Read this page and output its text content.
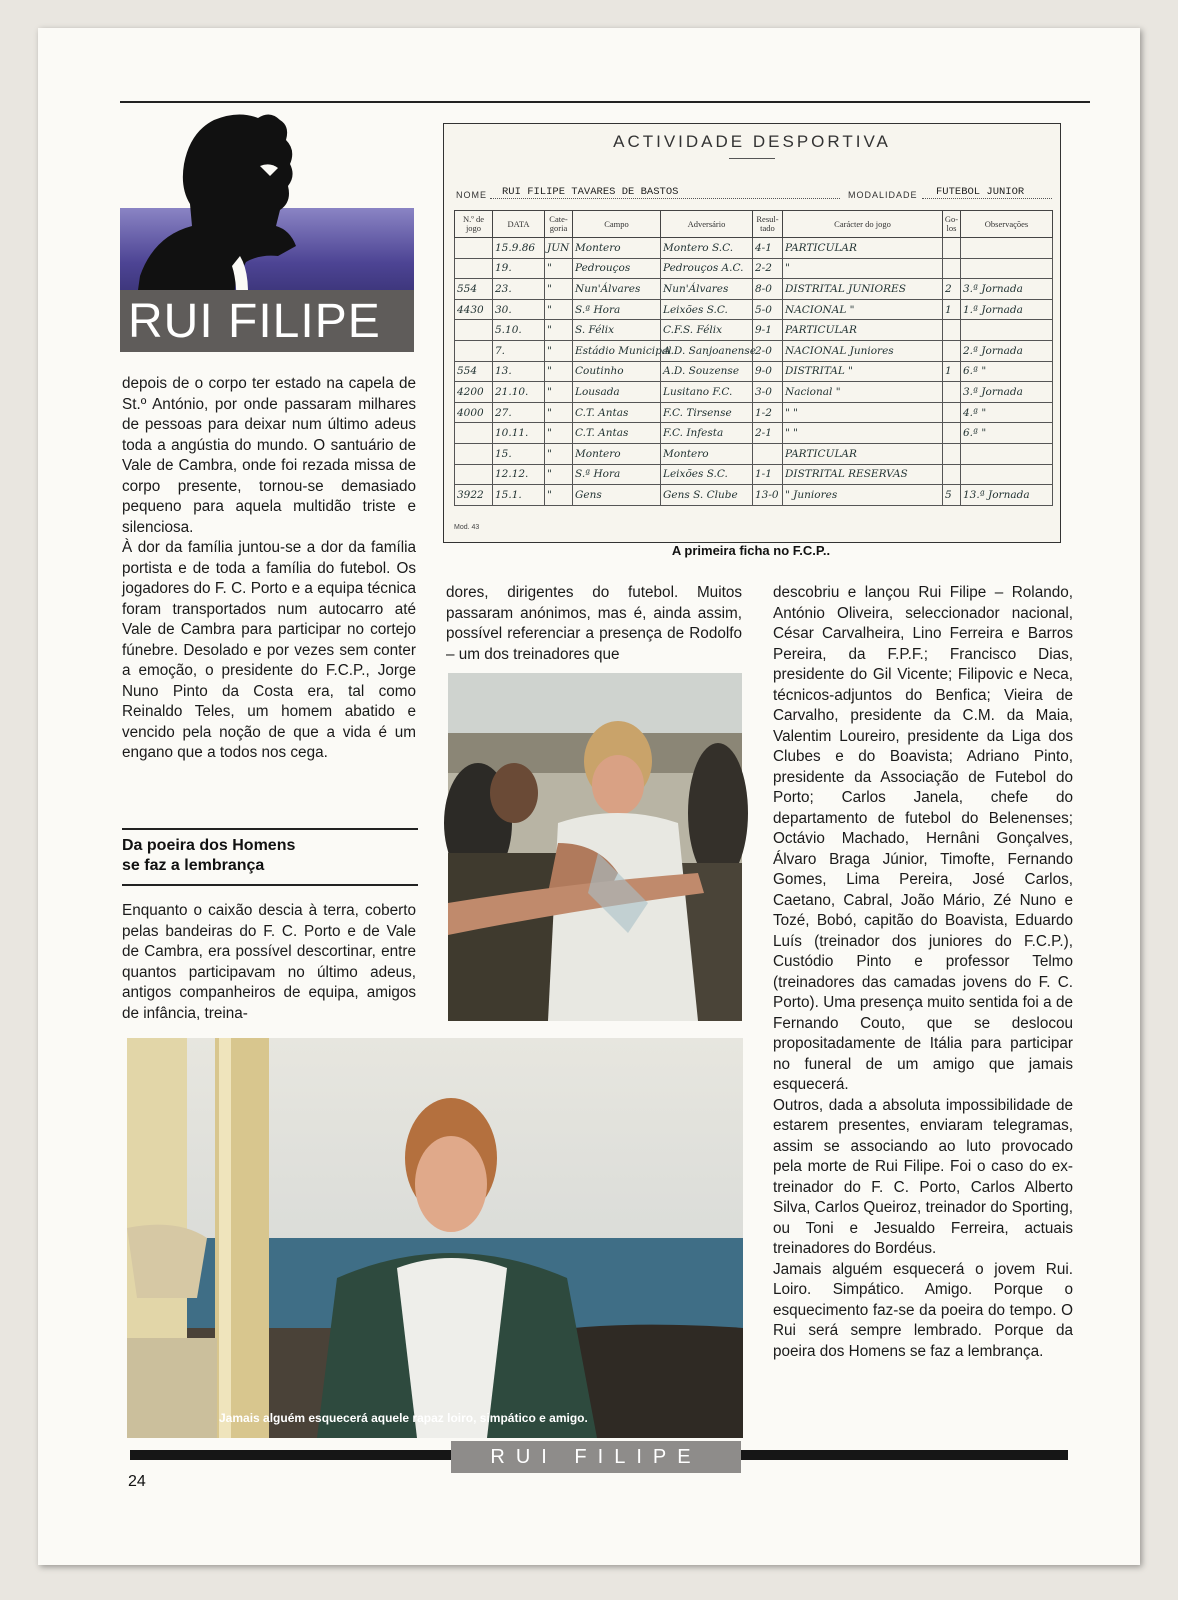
RUI FILIPE

depois de o corpo ter estado na capela de St.º António, por onde passaram milhares de pessoas para deixar num último adeus toda a angústia do mundo. O santuário de Vale de Cambra, onde foi rezada missa de corpo presente, tornou-se demasiado pequeno para aquela multidão triste e silenciosa.

À dor da família juntou-se a dor da família portista e de toda a família do futebol. Os jogadores do F. C. Porto e a equipa técnica foram transportados num autocarro até Vale de Cambra para participar no cortejo fúnebre. Desolado e por vezes sem conter a emoção, o presidente do F.C.P., Jorge Nuno Pinto da Costa era, tal como Reinaldo Teles, um homem abatido e vencido pela noção de que a vida é um engano que a todos nos cega.

Da poeira dos Homens
se faz a lembrança

Enquanto o caixão descia à terra, coberto pelas bandeiras do F. C. Porto e de Vale de Cambra, era possível descortinar, entre quantos participavam no último adeus, antigos companheiros de equipa, amigos de infância, treina-

dores, dirigentes do futebol. Muitos passaram anónimos, mas é, ainda assim, possível referenciar a presença de Rodolfo – um dos treinadores que

descobriu e lançou Rui Filipe – Rolando, António Oliveira, seleccionador nacional, César Carvalheira, Lino Ferreira e Barros Pereira, da F.P.F.; Francisco Dias, presidente do Gil Vicente; Filipovic e Neca, técnicos-adjuntos do Benfica; Vieira de Carvalho, presidente da C.M. da Maia, Valentim Loureiro, presidente da Liga dos Clubes e do Boavista; Adriano Pinto, presidente da Associação de Futebol do Porto; Carlos Janela, chefe do departamento de futebol do Belenenses; Octávio Machado, Hernâni Gonçalves, Álvaro Braga Júnior, Timofte, Fernando Gomes, Lima Pereira, José Carlos, Caetano, Cabral, João Mário, Zé Nuno e Tozé, Bobó, capitão do Boavista, Eduardo Luís (treinador dos juniores do F.C.P.), Custódio Pinto e professor Telmo (treinadores das camadas jovens do F. C. Porto). Uma presença muito sentida foi a de Fernando Couto, que se deslocou propositadamente de Itália para participar no funeral de um amigo que jamais esquecerá.

Outros, dada a absoluta impossibilidade de estarem presentes, enviaram telegramas, assim se associando ao luto provocado pela morte de Rui Filipe. Foi o caso do ex-treinador do F. C. Porto, Carlos Alberto Silva, Carlos Queiroz, treinador do Sporting, ou Toni e Jesualdo Ferreira, actuais treinadores do Bordéus.

Jamais alguém esquecerá o jovem Rui. Loiro. Simpático. Amigo. Porque o esquecimento faz-se da poeira do tempo. O Rui será sempre lembrado. Porque da poeira dos Homens se faz a lembrança.

ACTIVIDADE DESPORTIVA
NOME RUI FILIPE TAVARES DE BASTOS	MODALIDADE FUTEBOL JUNIOR
N.º de jogo	DATA	Cate-goria	Campo	Adversário	Resul-tado	Carácter do jogo	Go-los	Observações
	15.9.86	JUN	Montero	Montero S.C.	4-1	PARTICULAR		
	19.	"	Pedrouços	Pedrouços A.C.	2-2	"		
554	23.	"	Nun'Álvares	Nun'Álvares	8-0	DISTRITAL JUNIORES	2	3.ª Jornada
4430	30.	"	S.ª Hora	Leixões S.C.	5-0	NACIONAL "	1	1.ª Jornada
	5.10.	"	S. Félix	C.F.S. Félix	9-1	PARTICULAR		
	7.	"	Estádio Municipal	A.D. Sanjoanense	2-0	NACIONAL Juniores		2.ª Jornada
554	13.	"	Coutinho	A.D. Souzense	9-0	DISTRITAL "	1	6.ª "
4200	21.10.	"	Lousada	Lusitano F.C.	3-0	Nacional "		3.ª Jornada
4000	27.	"	C.T. Antas	F.C. Tirsense	1-2	" "		4.ª "
	10.11.	"	C.T. Antas	F.C. Infesta	2-1	" "		6.ª "
	15.	"	Montero	Montero		PARTICULAR		
	12.12.	"	S.ª Hora	Leixões S.C.	1-1	DISTRITAL RESERVAS		
3922	15.1.	"	Gens	Gens S. Clube	13-0	" Juniores	5	13.ª Jornada
Mod. 43
A primeira ficha no F.C.P..
Jamais alguém esquecerá aquele rapaz loiro, simpático e amigo.
RUI FILIPE
24
